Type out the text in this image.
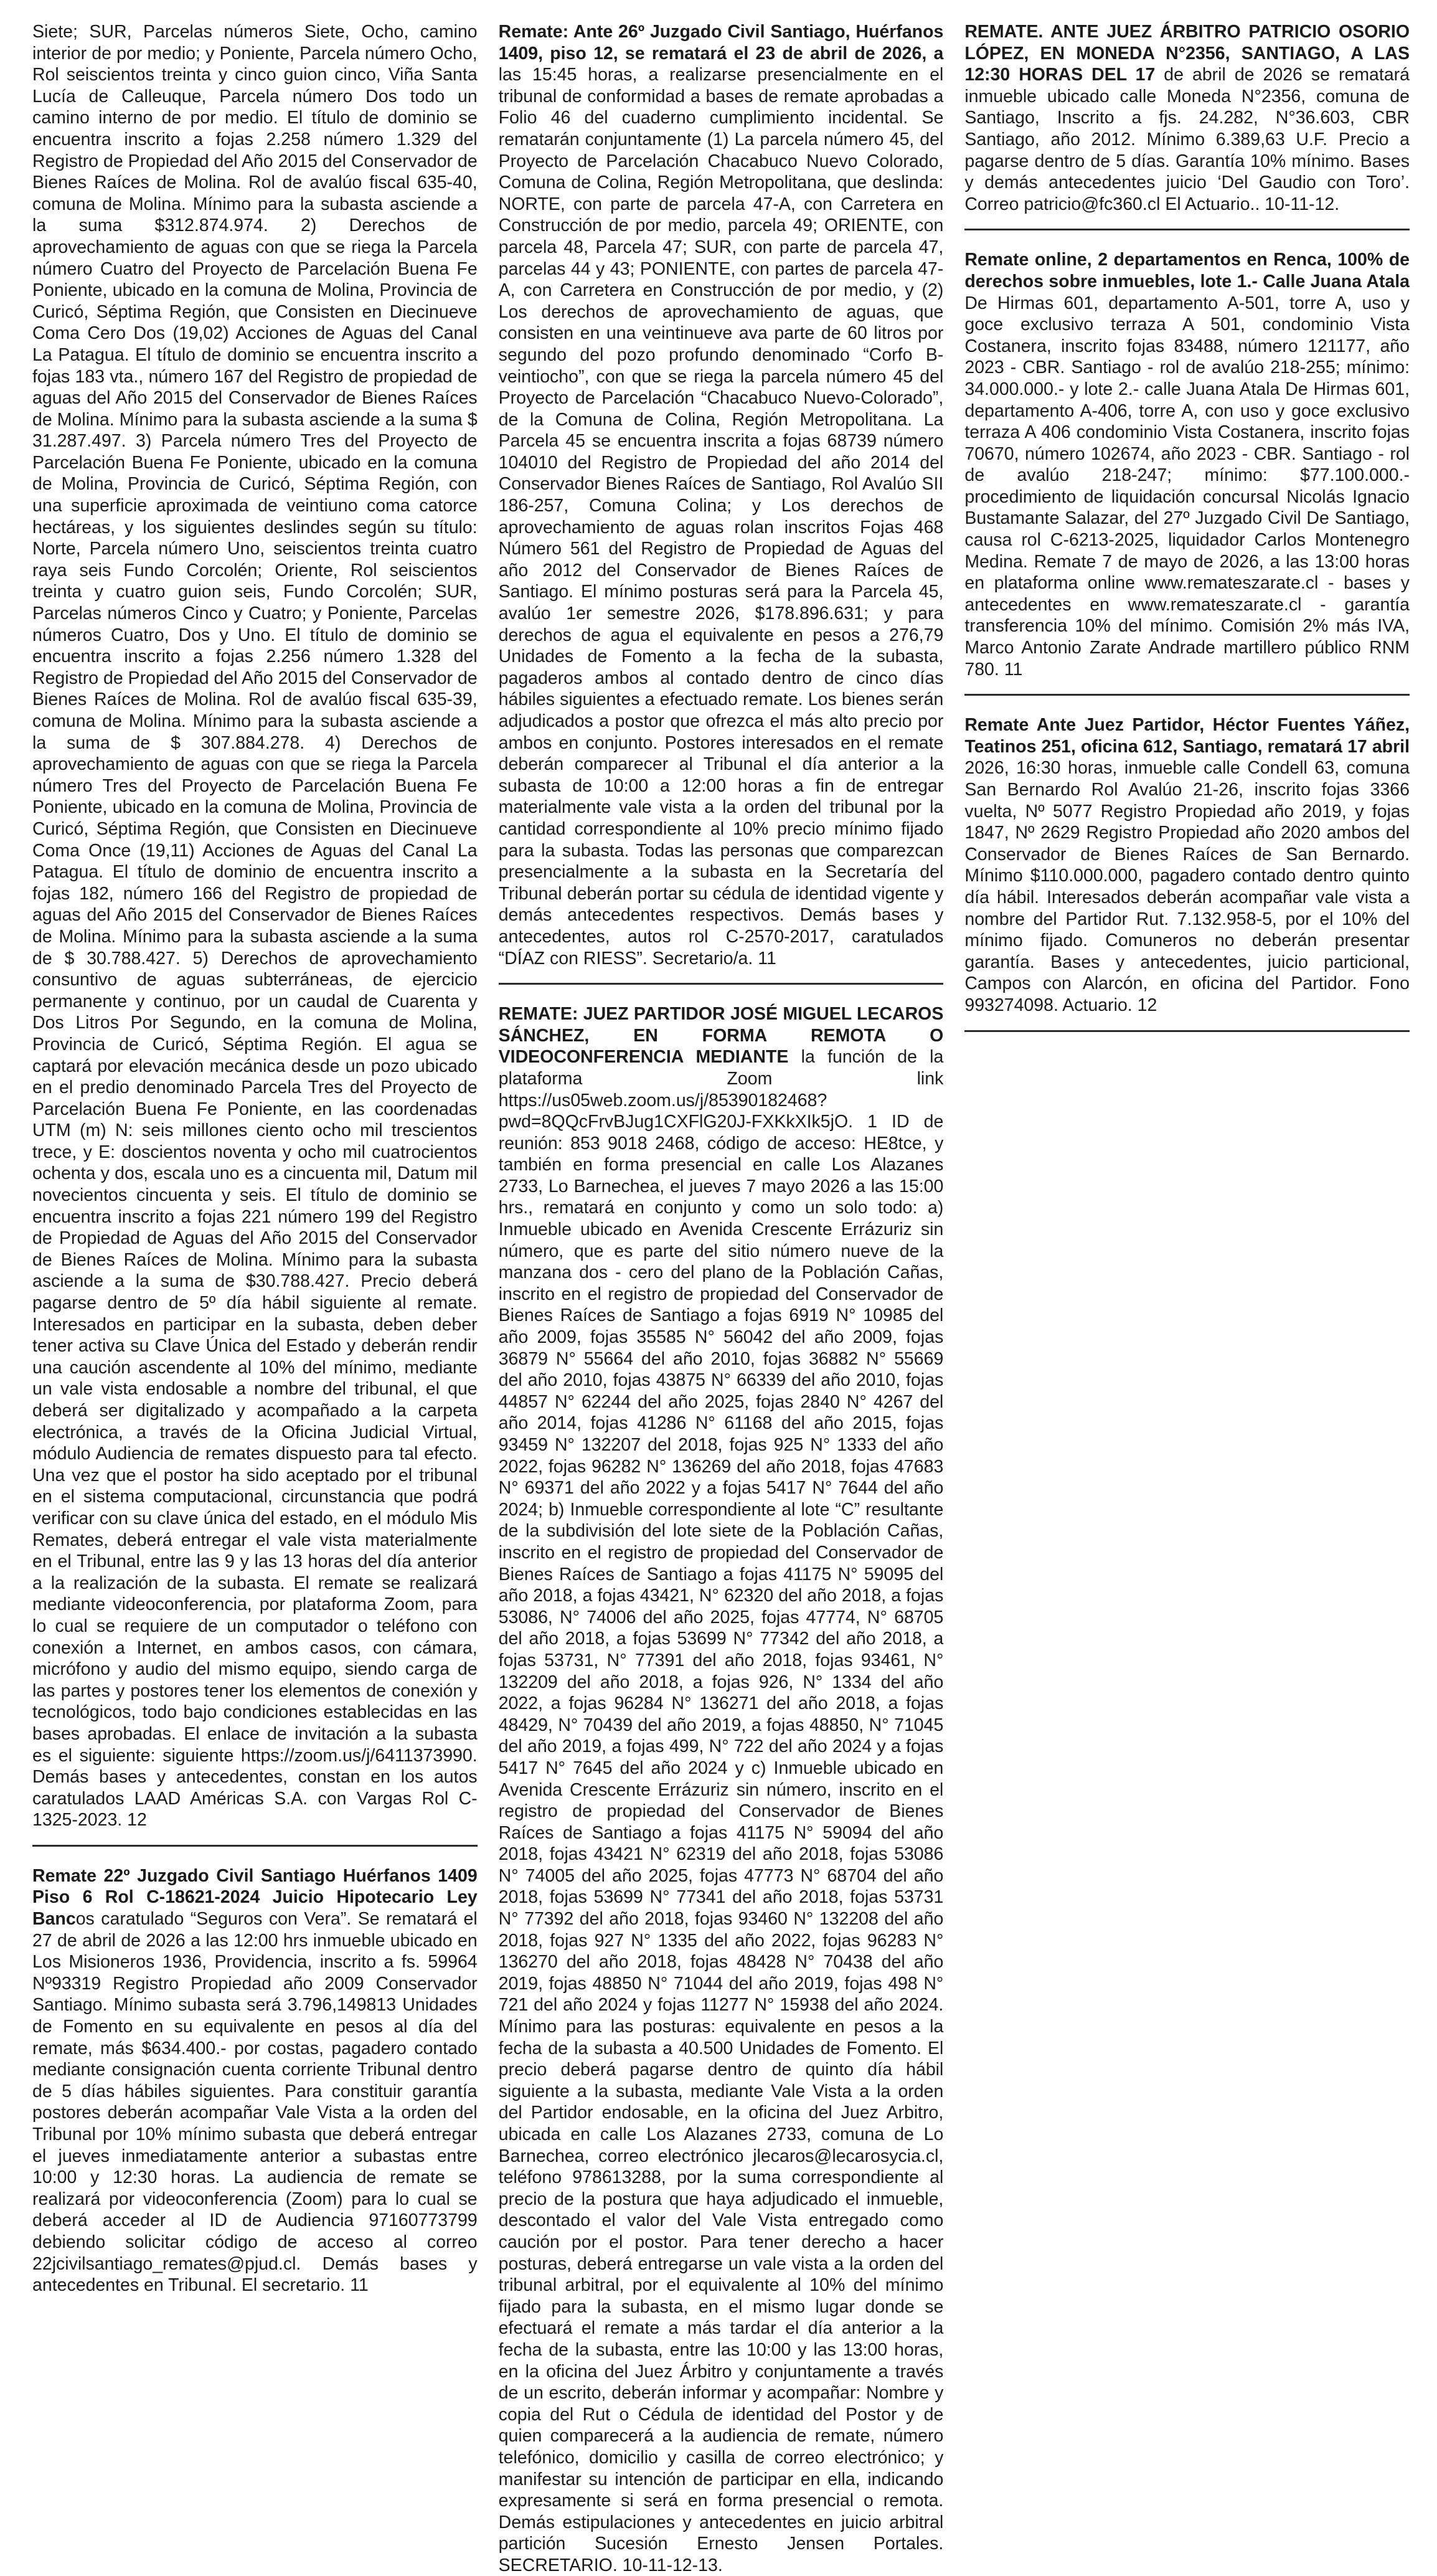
Siete; SUR, Parcelas números Siete, Ocho, camino interior de por medio; y Poniente, Parcela número Ocho, Rol seiscientos treinta y cinco guion cinco, Viña Santa Lucía de Calleuque, Parcela número Dos todo un camino interno de por medio. El título de dominio se encuentra inscrito a fojas 2.258 número 1.329 del Registro de Propiedad del Año 2015 del Conservador de Bienes Raíces de Molina. Rol de avalúo fiscal 635-40, comuna de Molina. Mínimo para la subasta asciende a la suma $312.874.974. 2) Derechos de aprovechamiento de aguas con que se riega la Parcela número Cuatro del Proyecto de Parcelación Buena Fe Poniente, ubicado en la comuna de Molina, Provincia de Curicó, Séptima Región, que Consisten en Diecinueve Coma Cero Dos (19,02) Acciones de Aguas del Canal La Patagua. El título de dominio se encuentra inscrito a fojas 183 vta., número 167 del Registro de propiedad de aguas del Año 2015 del Conservador de Bienes Raíces de Molina. Mínimo para la subasta asciende a la suma $ 31.287.497. 3) Parcela número Tres del Proyecto de Parcelación Buena Fe Poniente, ubicado en la comuna de Molina, Provincia de Curicó, Séptima Región, con una superficie aproximada de veintiuno coma catorce hectáreas, y los siguientes deslindes según su título: Norte, Parcela número Uno, seiscientos treinta cuatro raya seis Fundo Corcolén; Oriente, Rol seiscientos treinta y cuatro guion seis, Fundo Corcolén; SUR, Parcelas números Cinco y Cuatro; y Poniente, Parcelas números Cuatro, Dos y Uno. El título de dominio se encuentra inscrito a fojas 2.256 número 1.328 del Registro de Propiedad del Año 2015 del Conservador de Bienes Raíces de Molina. Rol de avalúo fiscal 635-39, comuna de Molina. Mínimo para la subasta asciende a la suma de $ 307.884.278. 4) Derechos de aprovechamiento de aguas con que se riega la Parcela número Tres del Proyecto de Parcelación Buena Fe Poniente, ubicado en la comuna de Molina, Provincia de Curicó, Séptima Región, que Consisten en Diecinueve Coma Once (19,11) Acciones de Aguas del Canal La Patagua. El título de dominio de encuentra inscrito a fojas 182, número 166 del Registro de propiedad de aguas del Año 2015 del Conservador de Bienes Raíces de Molina. Mínimo para la subasta asciende a la suma de $ 30.788.427. 5) Derechos de aprovechamiento consuntivo de aguas subterráneas, de ejercicio permanente y continuo, por un caudal de Cuarenta y Dos Litros Por Segundo, en la comuna de Molina, Provincia de Curicó, Séptima Región. El agua se captará por elevación mecánica desde un pozo ubicado en el predio denominado Parcela Tres del Proyecto de Parcelación Buena Fe Poniente, en las coordenadas UTM (m) N: seis millones ciento ocho mil trescientos trece, y E: doscientos noventa y ocho mil cuatrocientos ochenta y dos, escala uno es a cincuenta mil, Datum mil novecientos cincuenta y seis. El título de dominio se encuentra inscrito a fojas 221 número 199 del Registro de Propiedad de Aguas del Año 2015 del Conservador de Bienes Raíces de Molina. Mínimo para la subasta asciende a la suma de $30.788.427. Precio deberá pagarse dentro de 5º día hábil siguiente al remate. Interesados en participar en la subasta, deben deber tener activa su Clave Única del Estado y deberán rendir una caución ascendente al 10% del mínimo, mediante un vale vista endosable a nombre del tribunal, el que deberá ser digitalizado y acompañado a la carpeta electrónica, a través de la Oficina Judicial Virtual, módulo Audiencia de remates dispuesto para tal efecto. Una vez que el postor ha sido aceptado por el tribunal en el sistema computacional, circunstancia que podrá verificar con su clave única del estado, en el módulo Mis Remates, deberá entregar el vale vista materialmente en el Tribunal, entre las 9 y las 13 horas del día anterior a la realización de la subasta. El remate se realizará mediante videoconferencia, por plataforma Zoom, para lo cual se requiere de un computador o teléfono con conexión a Internet, en ambos casos, con cámara, micrófono y audio del mismo equipo, siendo carga de las partes y postores tener los elementos de conexión y tecnológicos, todo bajo condiciones establecidas en las bases aprobadas. El enlace de invitación a la subasta es el siguiente: siguiente https://zoom.us/j/6411373990. Demás bases y antecedentes, constan en los autos caratulados LAAD Américas S.A. con Vargas Rol C-1325-2023. 12

Remate 22º Juzgado Civil Santiago Huérfanos 1409 Piso 6 Rol C-18621-2024 Juicio Hipotecario Ley Bancos caratulado “Seguros con Vera”. Se rematará el 27 de abril de 2026 a las 12:00 hrs inmueble ubicado en Los Misioneros 1936, Providencia, inscrito a fs. 59964 Nº93319 Registro Propiedad año 2009 Conservador Santiago. Mínimo subasta será 3.796,149813 Unidades de Fomento en su equivalente en pesos al día del remate, más $634.400.- por costas, pagadero contado mediante consignación cuenta corriente Tribunal dentro de 5 días hábiles siguientes. Para constituir garantía postores deberán acompañar Vale Vista a la orden del Tribunal por 10% mínimo subasta que deberá entregar el jueves inmediatamente anterior a subastas entre 10:00 y 12:30 horas. La audiencia de remate se realizará por videoconferencia (Zoom) para lo cual se deberá acceder al ID de Audiencia 97160773799 debiendo solicitar código de acceso al correo 22jcivilsantiago_remates@pjud.cl. Demás bases y antecedentes en Tribunal. El secretario. 11

Remate: Ante 26º Juzgado Civil Santiago, Huérfanos 1409, piso 12, se rematará el 23 de abril de 2026, a las 15:45 horas, a realizarse presencialmente en el tribunal de conformidad a bases de remate aprobadas a Folio 46 del cuaderno cumplimiento incidental. Se rematarán conjuntamente (1) La parcela número 45, del Proyecto de Parcelación Chacabuco Nuevo Colorado, Comuna de Colina, Región Metropolitana, que deslinda: NORTE, con parte de parcela 47-A, con Carretera en Construcción de por medio, parcela 49; ORIENTE, con parcela 48, Parcela 47; SUR, con parte de parcela 47, parcelas 44 y 43; PONIENTE, con partes de parcela 47-A, con Carretera en Construcción de por medio, y (2) Los derechos de aprovechamiento de aguas, que consisten en una veintinueve ava parte de 60 litros por segundo del pozo profundo denominado “Corfo B-veintiocho”, con que se riega la parcela número 45 del Proyecto de Parcelación “Chacabuco Nuevo-Colorado”, de la Comuna de Colina, Región Metropolitana. La Parcela 45 se encuentra inscrita a fojas 68739 número 104010 del Registro de Propiedad del año 2014 del Conservador Bienes Raíces de Santiago, Rol Avalúo SII 186-257, Comuna Colina; y Los derechos de aprovechamiento de aguas rolan inscritos Fojas 468 Número 561 del Registro de Propiedad de Aguas del año 2012 del Conservador de Bienes Raíces de Santiago. El mínimo posturas será para la Parcela 45, avalúo 1er semestre 2026, $178.896.631; y para derechos de agua el equivalente en pesos a 276,79 Unidades de Fomento a la fecha de la subasta, pagaderos ambos al contado dentro de cinco días hábiles siguientes a efectuado remate. Los bienes serán adjudicados a postor que ofrezca el más alto precio por ambos en conjunto. Postores interesados en el remate deberán comparecer al Tribunal el día anterior a la subasta de 10:00 a 12:00 horas a fin de entregar materialmente vale vista a la orden del tribunal por la cantidad correspondiente al 10% precio mínimo fijado para la subasta. Todas las personas que comparezcan presencialmente a la subasta en la Secretaría del Tribunal deberán portar su cédula de identidad vigente y demás antecedentes respectivos. Demás bases y antecedentes, autos rol C-2570-2017, caratulados “DÍAZ con RIESS”. Secretario/a. 11

REMATE: JUEZ PARTIDOR JOSÉ MIGUEL LECAROS SÁNCHEZ, EN FORMA REMOTA O VIDEOCONFERENCIA MEDIANTE la función de la plataforma Zoom link https://us05web.zoom.us/j/85390182468?pwd=8QQcFrvBJug1CXFlG20J-FXKkXIk5jO. 1 ID de reunión: 853 9018 2468, código de acceso: HE8tce, y también en forma presencial en calle Los Alazanes 2733, Lo Barnechea, el jueves 7 mayo 2026 a las 15:00 hrs., rematará en conjunto y como un solo todo: a) Inmueble ubicado en Avenida Crescente Errázuriz sin número, que es parte del sitio número nueve de la manzana dos - cero del plano de la Población Cañas, inscrito en el registro de propiedad del Conservador de Bienes Raíces de Santiago a fojas 6919 N° 10985 del año 2009, fojas 35585 N° 56042 del año 2009, fojas 36879 N° 55664 del año 2010, fojas 36882 N° 55669 del año 2010, fojas 43875 N° 66339 del año 2010, fojas 44857 N° 62244 del año 2025, fojas 2840 N° 4267 del año 2014, fojas 41286 N° 61168 del año 2015, fojas 93459 N° 132207 del 2018, fojas 925 N° 1333 del año 2022, fojas 96282 N° 136269 del año 2018, fojas 47683 N° 69371 del año 2022 y a fojas 5417 N° 7644 del año 2024; b) Inmueble correspondiente al lote “C” resultante de la subdivisión del lote siete de la Población Cañas, inscrito en el registro de propiedad del Conservador de Bienes Raíces de Santiago a fojas 41175 N° 59095 del año 2018, a fojas 43421, N° 62320 del año 2018, a fojas 53086, N° 74006 del año 2025, fojas 47774, N° 68705 del año 2018, a fojas 53699 N° 77342 del año 2018, a fojas 53731, N° 77391 del año 2018, fojas 93461, N° 132209 del año 2018, a fojas 926, N° 1334 del año 2022, a fojas 96284 N° 136271 del año 2018, a fojas 48429, N° 70439 del año 2019, a fojas 48850, N° 71045 del año 2019, a fojas 499, N° 722 del año 2024 y a fojas 5417 N° 7645 del año 2024 y c) Inmueble ubicado en Avenida Crescente Errázuriz sin número, inscrito en el registro de propiedad del Conservador de Bienes Raíces de Santiago a fojas 41175 N° 59094 del año 2018, fojas 43421 N° 62319 del año 2018, fojas 53086 N° 74005 del año 2025, fojas 47773 N° 68704 del año 2018, fojas 53699 N° 77341 del año 2018, fojas 53731 N° 77392 del año 2018, fojas 93460 N° 132208 del año 2018, fojas 927 N° 1335 del año 2022, fojas 96283 N° 136270 del año 2018, fojas 48428 N° 70438 del año 2019, fojas 48850 N° 71044 del año 2019, fojas 498 N° 721 del año 2024 y fojas 11277 N° 15938 del año 2024. Mínimo para las posturas: equivalente en pesos a la fecha de la subasta a 40.500 Unidades de Fomento. El precio deberá pagarse dentro de quinto día hábil siguiente a la subasta, mediante Vale Vista a la orden del Partidor endosable, en la oficina del Juez Arbitro, ubicada en calle Los Alazanes 2733, comuna de Lo Barnechea, correo electrónico jlecaros@lecarosycia.cl, teléfono 978613288, por la suma correspondiente al precio de la postura que haya adjudicado el inmueble, descontado el valor del Vale Vista entregado como caución por el postor. Para tener derecho a hacer posturas, deberá entregarse un vale vista a la orden del tribunal arbitral, por el equivalente al 10% del mínimo fijado para la subasta, en el mismo lugar donde se efectuará el remate a más tardar el día anterior a la fecha de la subasta, entre las 10:00 y las 13:00 horas, en la oficina del Juez Árbitro y conjuntamente a través de un escrito, deberán informar y acompañar: Nombre y copia del Rut o Cédula de identidad del Postor y de quien comparecerá a la audiencia de remate, número telefónico, domicilio y casilla de correo electrónico; y manifestar su intención de participar en ella, indicando expresamente si será en forma presencial o remota. Demás estipulaciones y antecedentes en juicio arbitral partición Sucesión Ernesto Jensen Portales. SECRETARIO. 10-11-12-13.

REMATE. ANTE JUEZ ÁRBITRO PATRICIO OSORIO LÓPEZ, EN MONEDA N°2356, SANTIAGO, A LAS 12:30 HORAS DEL 17 de abril de 2026 se rematará inmueble ubicado calle Moneda N°2356, comuna de Santiago, Inscrito a fjs. 24.282, N°36.603, CBR Santiago, año 2012. Mínimo 6.389,63 U.F. Precio a pagarse dentro de 5 días. Garantía 10% mínimo. Bases y demás antecedentes juicio ‘Del Gaudio con Toro’. Correo patricio@fc360.cl El Actuario.. 10-11-12.

Remate online, 2 departamentos en Renca, 100% de derechos sobre inmuebles, lote 1.- Calle Juana Atala De Hirmas 601, departamento A-501, torre A, uso y goce exclusivo terraza A 501, condominio Vista Costanera, inscrito fojas 83488, número 121177, año 2023 - CBR. Santiago - rol de avalúo 218-255; mínimo: 34.000.000.- y lote 2.- calle Juana Atala De Hirmas 601, departamento A-406, torre A, con uso y goce exclusivo terraza A 406 condominio Vista Costanera, inscrito fojas 70670, número 102674, año 2023 - CBR. Santiago - rol de avalúo 218-247; mínimo: $77.100.000.- procedimiento de liquidación concursal Nicolás Ignacio Bustamante Salazar, del 27º Juzgado Civil De Santiago, causa rol C-6213-2025, liquidador Carlos Montenegro Medina. Remate 7 de mayo de 2026, a las 13:00 horas en plataforma online www.remateszarate.cl - bases y antecedentes en www.remateszarate.cl - garantía transferencia 10% del mínimo. Comisión 2% más IVA, Marco Antonio Zarate Andrade martillero público RNM 780. 11

Remate Ante Juez Partidor, Héctor Fuentes Yáñez, Teatinos 251, oficina 612, Santiago, rematará 17 abril 2026, 16:30 horas, inmueble calle Condell 63, comuna San Bernardo Rol Avalúo 21-26, inscrito fojas 3366 vuelta, Nº 5077 Registro Propiedad año 2019, y fojas 1847, Nº 2629 Registro Propiedad año 2020 ambos del Conservador de Bienes Raíces de San Bernardo. Mínimo $110.000.000, pagadero contado dentro quinto día hábil. Interesados deberán acompañar vale vista a nombre del Partidor Rut. 7.132.958-5, por el 10% del mínimo fijado. Comuneros no deberán presentar garantía. Bases y antecedentes, juicio particional, Campos con Alarcón, en oficina del Partidor. Fono 993274098. Actuario. 12
